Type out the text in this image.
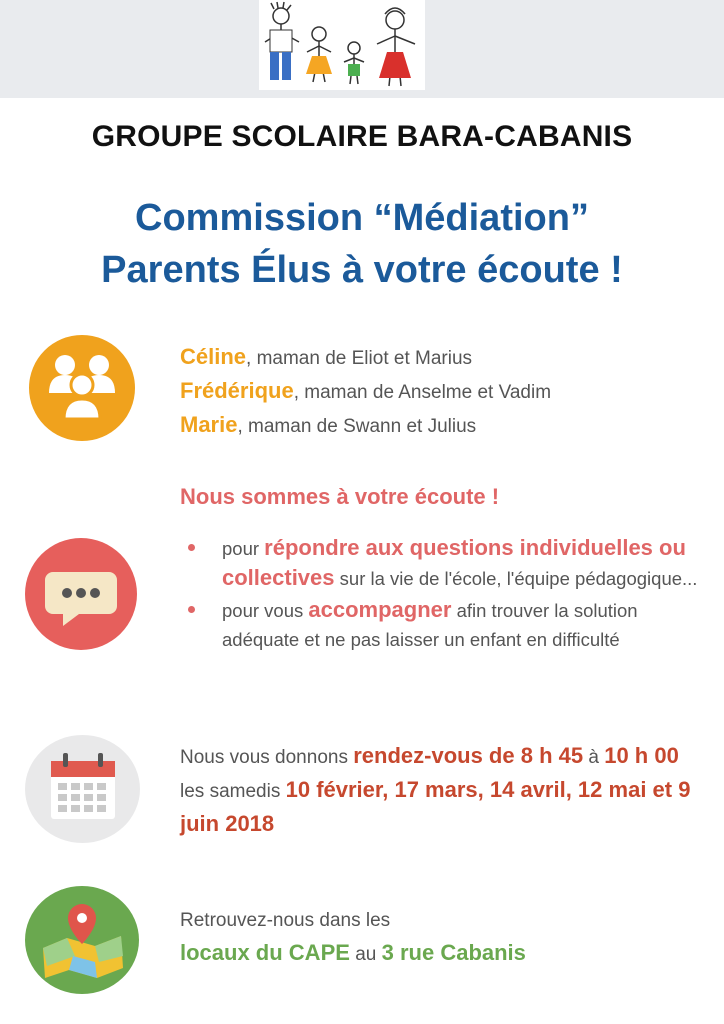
GROUPE SCOLAIRE BARA-CABANIS
Commission “Médiation”
Parents Élus à votre écoute !
Céline, maman de Eliot et Marius
Frédérique, maman de Anselme et Vadim
Marie, maman de Swann et Julius
Nous sommes à votre écoute !
pour répondre aux questions individuelles ou collectives sur la vie de l'école, l'équipe pédagogique...
pour vous accompagner afin trouver la solution adéquate et ne pas laisser un enfant en difficulté
Nous vous donnons rendez-vous de 8 h 45 à 10 h 00 les samedis 10 février, 17 mars, 14 avril, 12 mai et 9 juin 2018
Retrouvez-nous dans les
locaux du CAPE au 3 rue Cabanis
